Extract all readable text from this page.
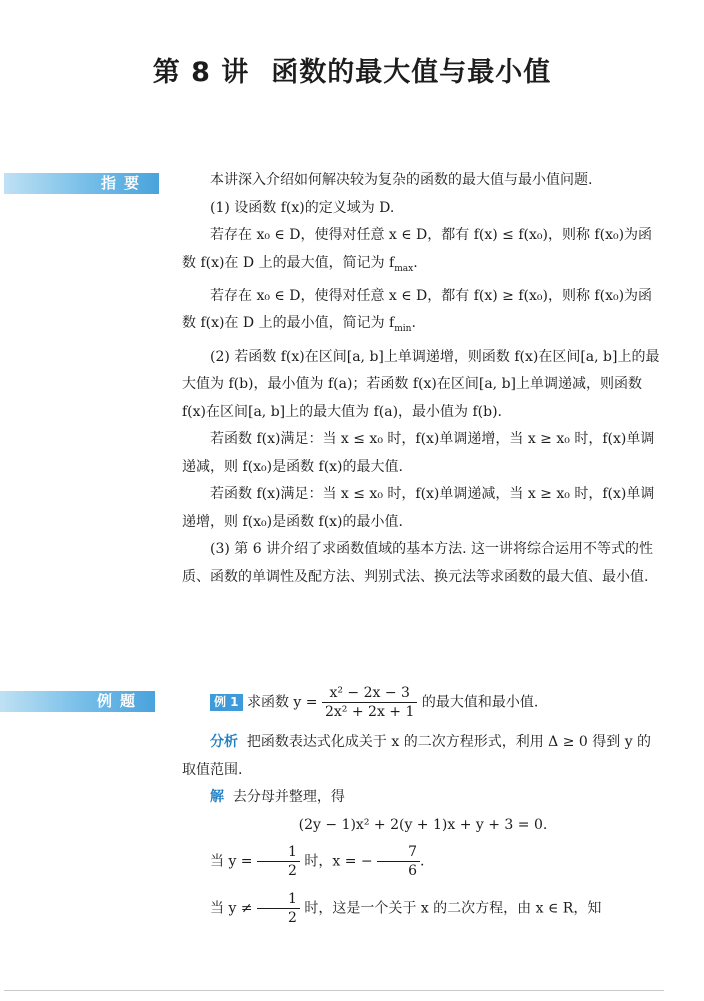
第 8 讲 函数的最大值与最小值
指要	本讲深入介绍如何解决较为复杂的函数的最大值与最小值问题.

(1) 设函数 f(x)的定义域为 D.

若存在 x₀ ∈ D，使得对任意 x ∈ D，都有 f(x) ≤ f(x₀)，则称 f(x₀)为函数 f(x)在 D 上的最大值，简记为 $f_{max}$.

若存在 x₀ ∈ D，使得对任意 x ∈ D，都有 f(x) ≥ f(x₀)，则称 f(x₀)为函数 f(x)在 D 上的最小值，简记为 $f_{min}$.

(2) 若函数 f(x)在区间[a, b]上单调递增，则函数 f(x)在区间[a, b]上的最大值为 f(b)，最小值为 f(a)；若函数 f(x)在区间[a, b]上单调递减，则函数 f(x)在区间[a, b]上的最大值为 f(a)，最小值为 f(b).

若函数 f(x)满足：当 x ≤ x₀ 时，f(x)单调递增，当 x ≥ x₀ 时，f(x)单调递减，则 f(x₀)是函数 f(x)的最大值.

若函数 f(x)满足：当 x ≤ x₀ 时，f(x)单调递减，当 x ≥ x₀ 时，f(x)单调递增，则 f(x₀)是函数 f(x)的最小值.

(3) 第 6 讲介绍了求函数值域的基本方法. 这一讲将综合运用不等式的性质、函数的单调性及配方法、判别式法、换元法等求函数的最大值、最小值.

例题	例 1 求函数 $y = \frac{\text{x² − 2x − 3}}{\text{2x² + 2x + 1}}$ 的最大值和最小值.

分析 把函数表达式化成关于 x 的二次方程形式，利用 Δ ≥ 0 得到 y 的取值范围.

解 去分母并整理，得

(2y − 1)x² + 2(y + 1)x + y + 3 = 0.

当 $y = \frac{1}{2}$ 时，x = − $\frac{7}{6}$ .

当 $y \ne \frac{1}{2}$ 时，这是一个关于 x 的二次方程，由 x ∈ R，知
